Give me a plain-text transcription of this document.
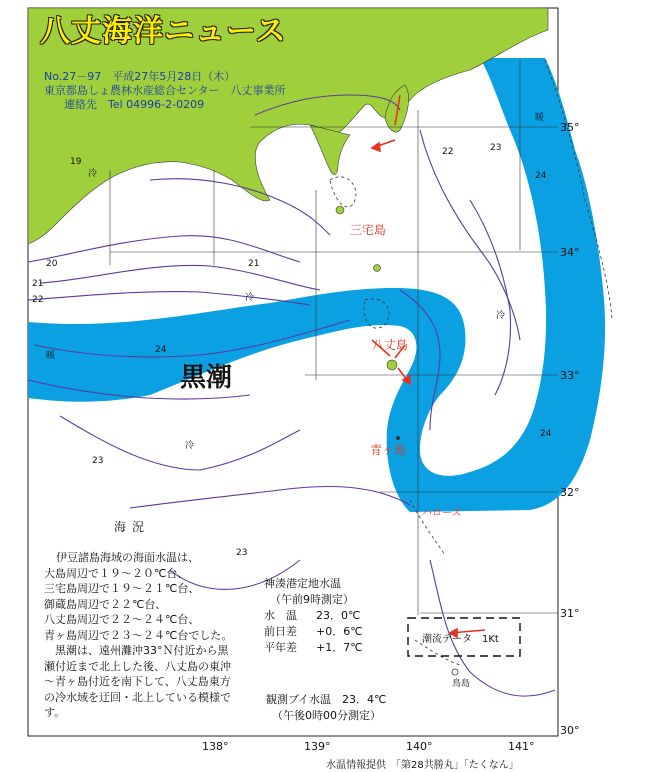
138°	139°	140°	141°
35°
34°
33°
32°
31°
30°
19
20
21
22
23
24
21
23
23
24
24
22
冷
冷
冷
冷
暖
暖
三宅島
八丈島
青ヶ島
ハロース
鳥島
黒潮
潮流データ 1Kt
八丈海洋ニュース
No.27－97　平成27年5月28日（木）
東京都島しょ農林水産総合センター　八丈事業所
連絡先　Tel 04996-2-0209
海況
伊豆諸島海域の海面水温は、
大島周辺で１９～２０℃台、
三宅島周辺で１９～２１℃台、
御蔵島周辺で２２℃台、
八丈島周辺で２２～２４℃台、
青ヶ島周辺で２３～２４℃台でした。
　黒潮は、遠州灘沖33°Ｎ付近から黒
瀬付近まで北上した後、八丈島の東沖
～青ヶ島付近を南下して、八丈島東方
の冷水域を迂回・北上している模様で
す。
神湊港定地水温
（午前9時測定）
水　温	23．0℃
前日差	+0．6℃
平年差	+1．7℃
観測ブイ水温　23．4℃
（午後0時00分測定）
水温情報提供　「第28共勝丸」「たくなん」
